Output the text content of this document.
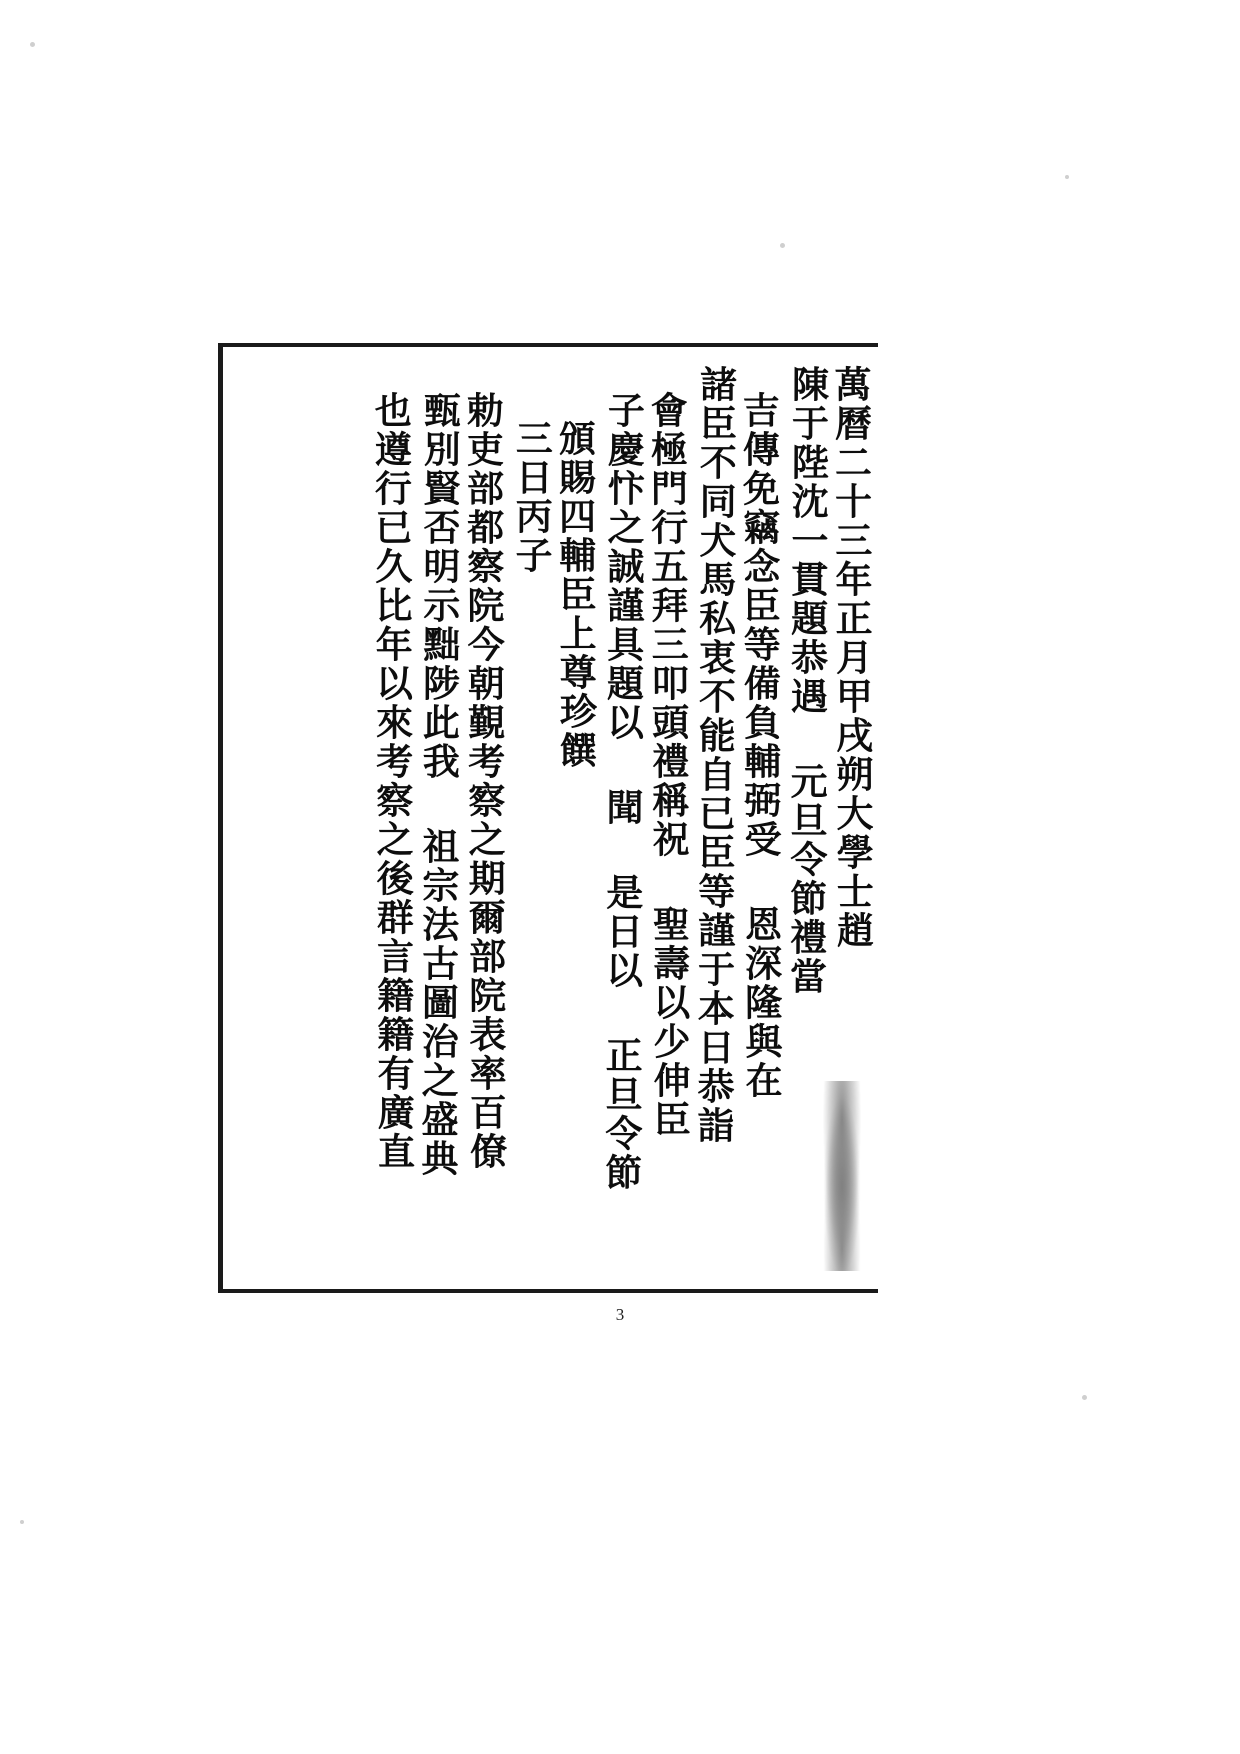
萬曆二十三年正月甲戌朔大學士趙
陳于陛沈一貫題恭遇 元旦令節禮當
吉傳免竊念臣等備負輔弼受 恩深隆與在
諸臣不同犬馬私衷不能自已臣等謹于本日恭詣
會極門行五拜三叩頭禮稱祝 聖壽以少伸臣
子慶忭之誠謹具題以 聞 是日以 正旦令節
頒賜四輔臣上尊珍饌
三日丙子
勅吏部都察院今朝覲考察之期爾部院表率百僚
甄別賢否明示黜陟此我 祖宗法古圖治之盛典
也遵行已久比年以來考察之後群言籍籍有廣直
3
